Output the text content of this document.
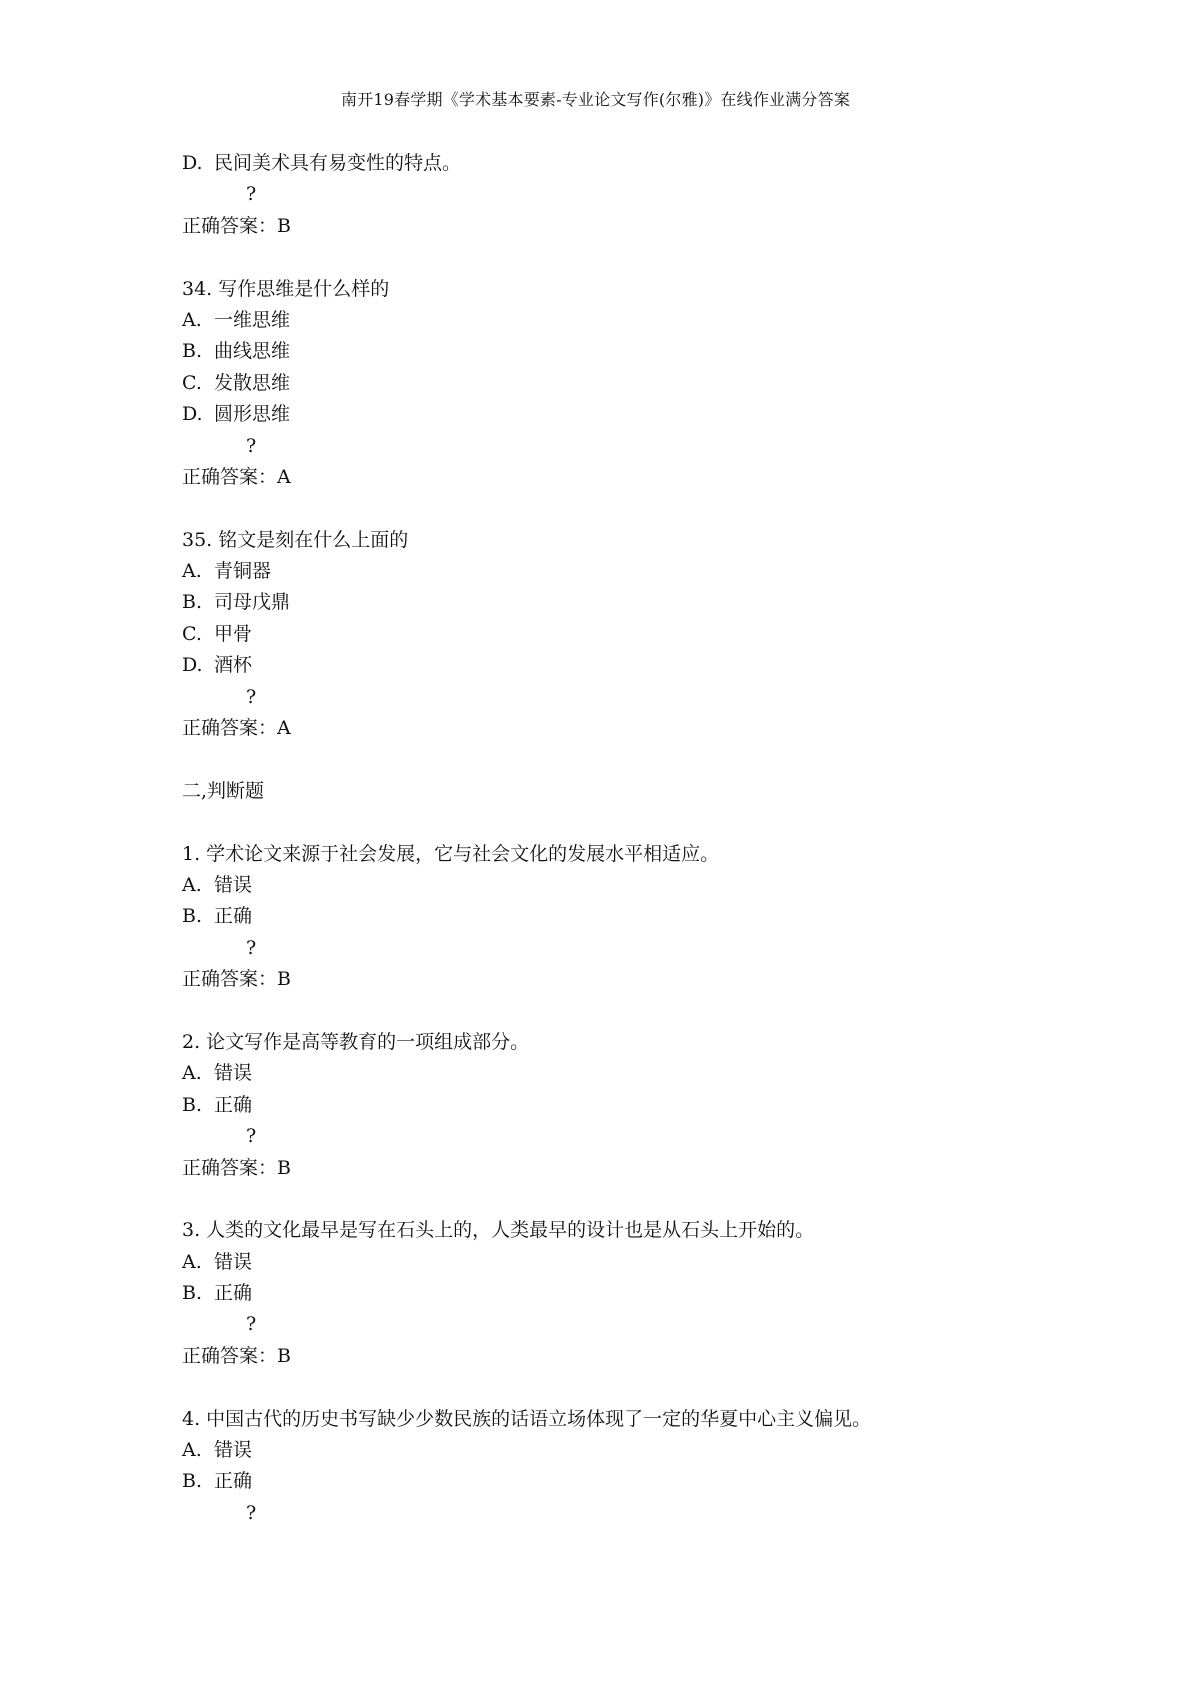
南开19春学期《学术基本要素-专业论文写作(尔雅)》在线作业满分答案
D. 民间美术具有易变性的特点。
?
正确答案：B
34. 写作思维是什么样的
A. 一维思维
B. 曲线思维
C. 发散思维
D. 圆形思维
?
正确答案：A
35. 铭文是刻在什么上面的
A. 青铜器
B. 司母戊鼎
C. 甲骨
D. 酒杯
?
正确答案：A
二,判断题
1. 学术论文来源于社会发展，它与社会文化的发展水平相适应。
A. 错误
B. 正确
?
正确答案：B
2. 论文写作是高等教育的一项组成部分。
A. 错误
B. 正确
?
正确答案：B
3. 人类的文化最早是写在石头上的，人类最早的设计也是从石头上开始的。
A. 错误
B. 正确
?
正确答案：B
4. 中国古代的历史书写缺少少数民族的话语立场体现了一定的华夏中心主义偏见。
A. 错误
B. 正确
?
